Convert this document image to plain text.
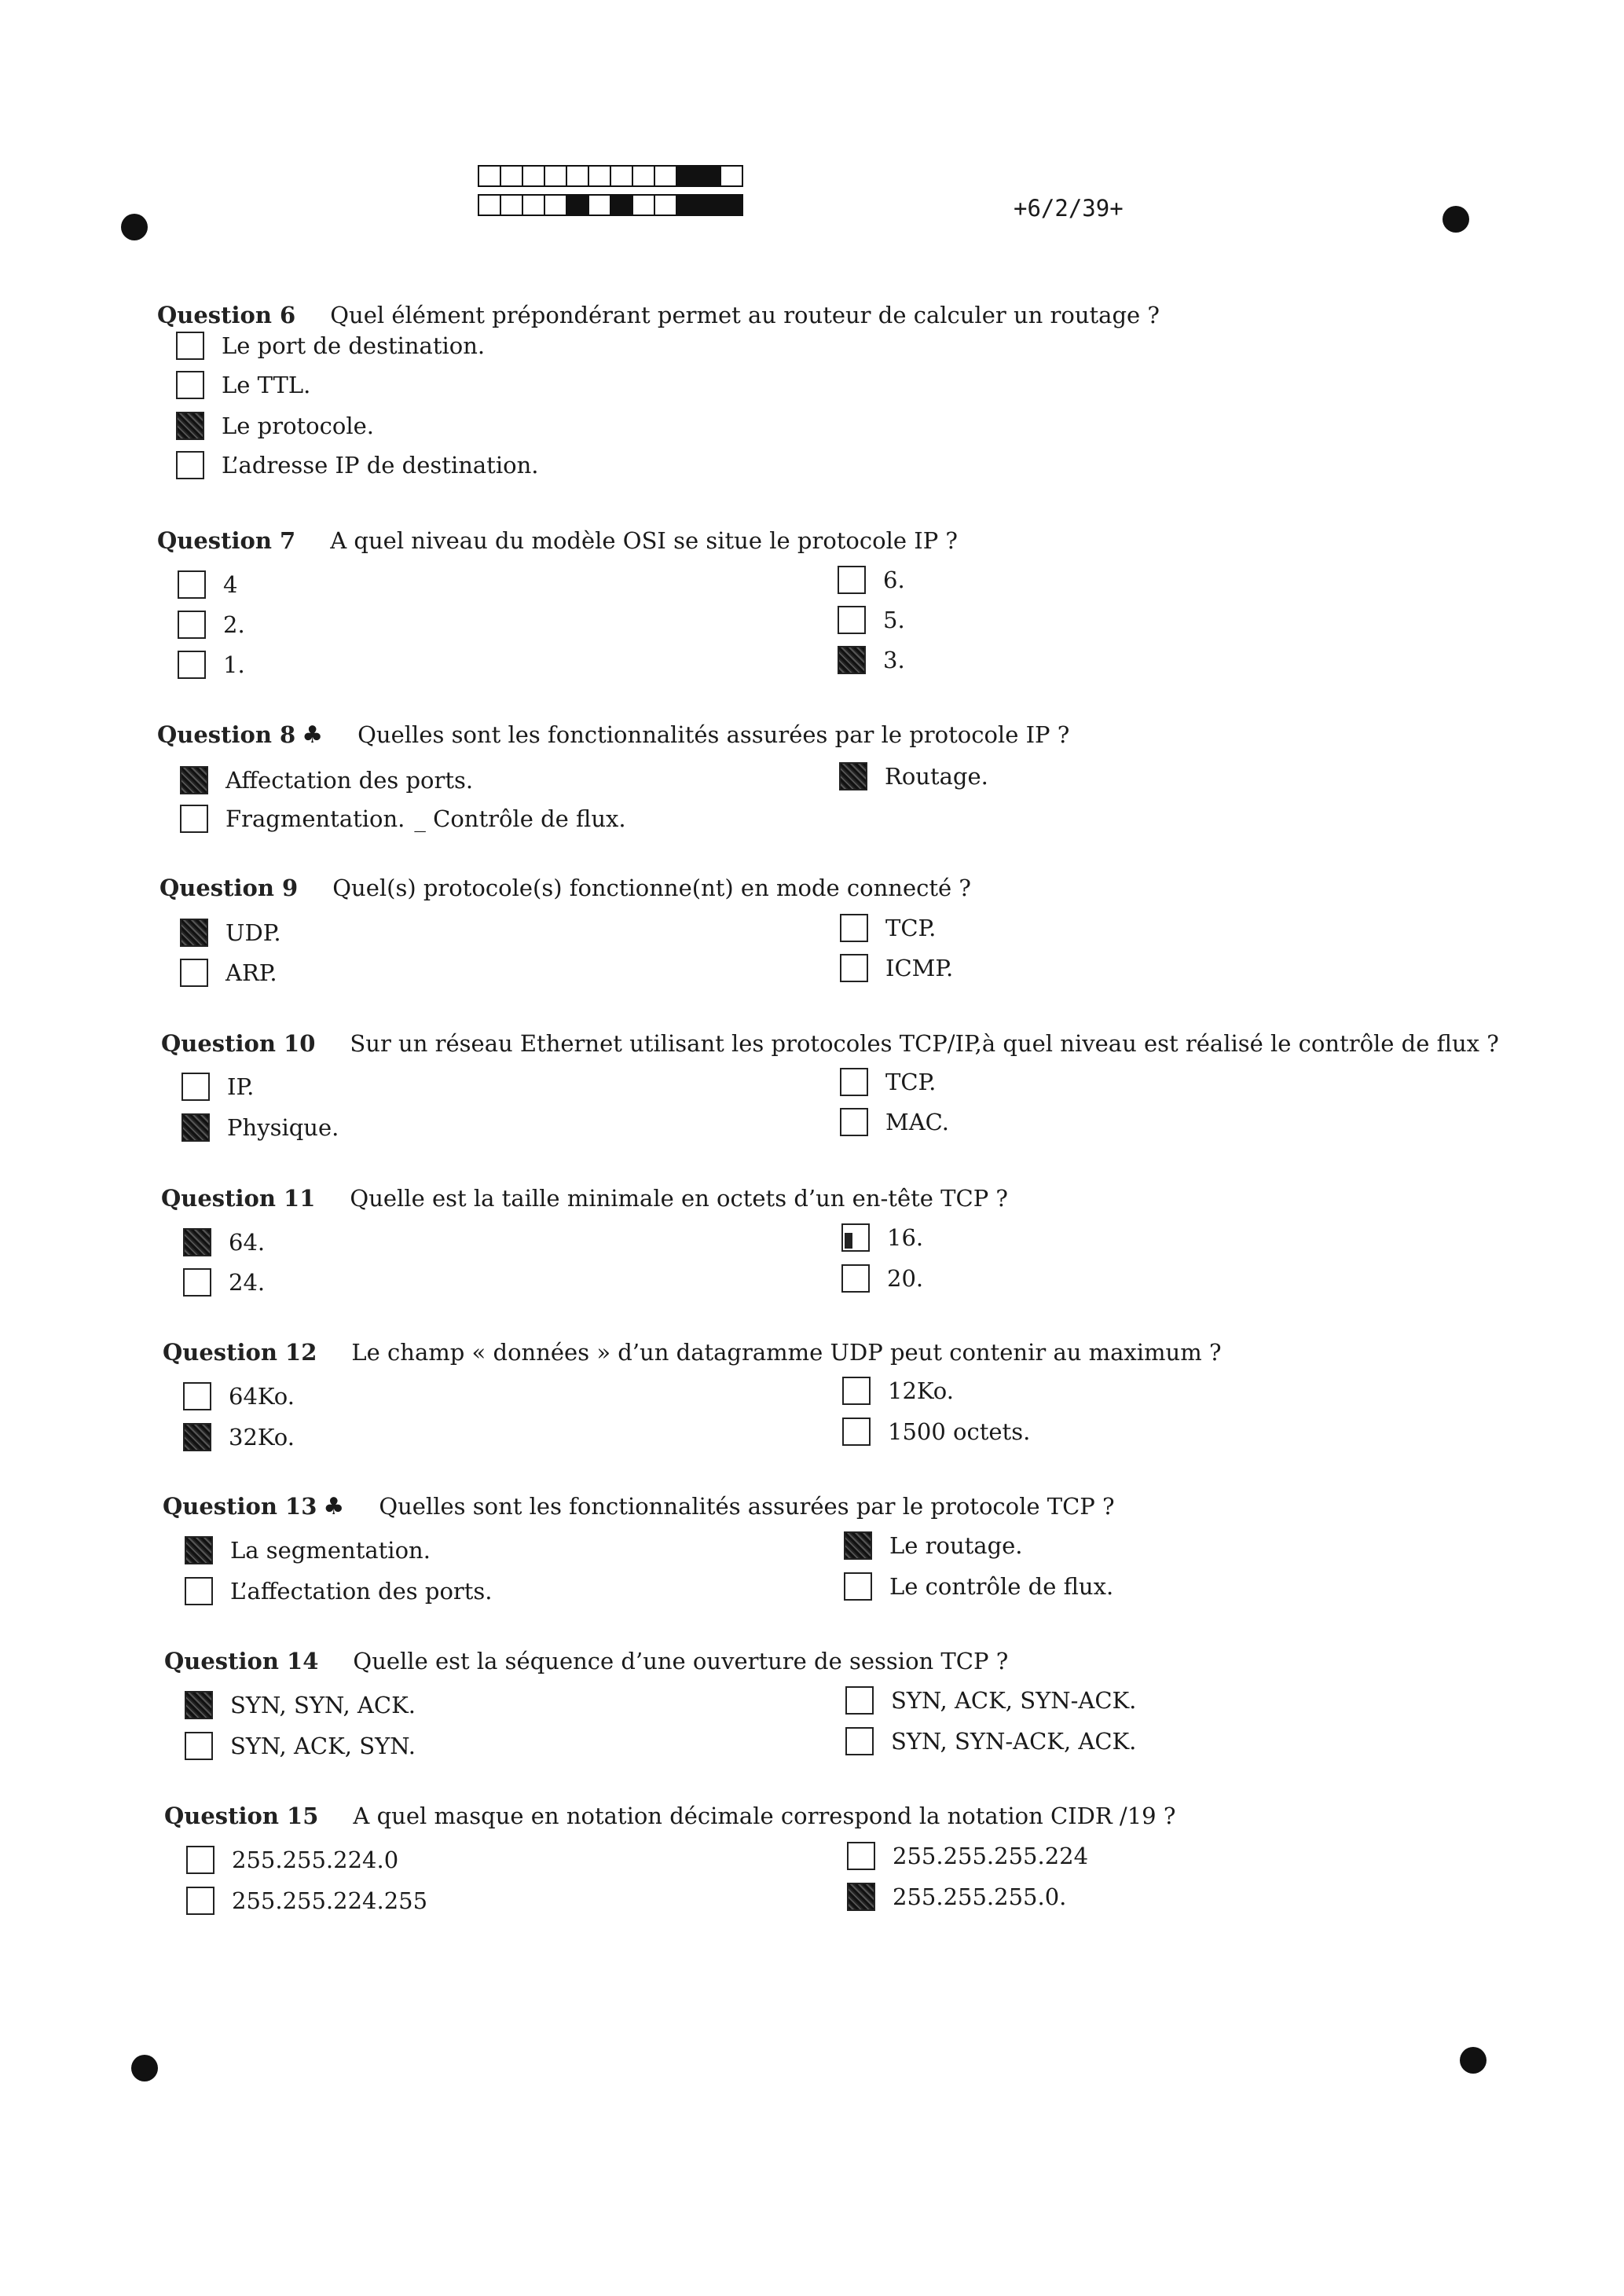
+6/2/39+
Question 6 Quel élément prépondérant permet au routeur de calculer un routage ?
Le port de destination.
Le TTL.
Le protocole.
L’adresse IP de destination.
Question 7 A quel niveau du modèle OSI se situe le protocole IP ?
4
2.
1.
6.
5.
3.
Question 8 ♣ Quelles sont les fonctionnalités assurées par le protocole IP ?
Affectation des ports.
Fragmentation. _ Contrôle de flux.
Routage.
Question 9 Quel(s) protocole(s) fonctionne(nt) en mode connecté ?
UDP.
ARP.
TCP.
ICMP.
Question 10 Sur un réseau Ethernet utilisant les protocoles TCP/IP,à quel niveau est réalisé le contrôle de flux ?
IP.
Physique.
TCP.
MAC.
Question 11 Quelle est la taille minimale en octets d’un en-tête TCP ?
64.
24.
16.
20.
Question 12 Le champ « données » d’un datagramme UDP peut contenir au maximum ?
64Ko.
32Ko.
12Ko.
1500 octets.
Question 13 ♣ Quelles sont les fonctionnalités assurées par le protocole TCP ?
La segmentation.
L’affectation des ports.
Le routage.
Le contrôle de flux.
Question 14 Quelle est la séquence d’une ouverture de session TCP ?
SYN, SYN, ACK.
SYN, ACK, SYN.
SYN, ACK, SYN-ACK.
SYN, SYN-ACK, ACK.
Question 15 A quel masque en notation décimale correspond la notation CIDR /19 ?
255.255.224.0
255.255.224.255
255.255.255.224
255.255.255.0.
